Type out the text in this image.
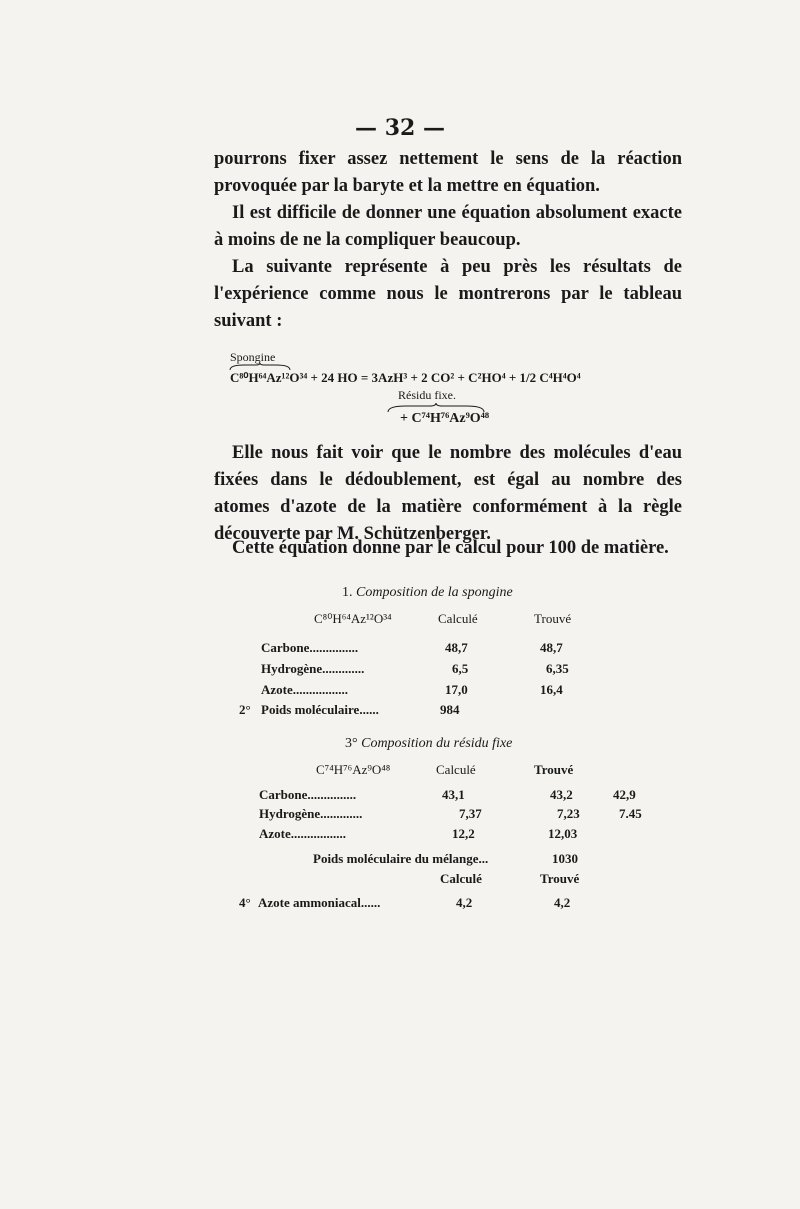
— 32 —
pourrons fixer assez nettement le sens de la réaction provoquée par la baryte et la mettre en équation.
Il est difficile de donner une équation absolument exacte à moins de ne la compliquer beaucoup.
La suivante représente à peu près les résultats de l'expérience comme nous le montrerons par le tableau suivant :
Spongine
C⁸⁰H⁶⁴Az¹²O³⁴ + 24 HO = 3AzH³ + 2 CO² + C²HO⁴ + 1/2 C⁴H⁴O⁴
Résidu fixe.
+ C⁷⁴H⁷⁶Az⁹O⁴⁸
Elle nous fait voir que le nombre des molécules d'eau fixées dans le dédoublement, est égal au nombre des atomes d'azote de la matière conformément à la règle découverte par M. Schützenberger.
Cette équation donne par le calcul pour 100 de matière.
1. Composition de la spongine
C⁸⁰H⁶⁴Az¹²O³⁴	Calculé	Trouvé
Carbone...............	48,7	48,7
Hydrogène.............	6,5	6,35
Azote.................	17,0	16,4
2° Poids moléculaire......	984
3° Composition du résidu fixe
C⁷⁴H⁷⁶Az⁹O⁴⁸	Calculé	Trouvé
Carbone...............	43,1	43,2	42,9
Hydrogène.............	7,37	7,23	7.45
Azote.................	12,2	12,03
Poids moléculaire du mélange...	1030
Calculé	Trouvé
4° Azote ammoniacal......	4,2	4,2
